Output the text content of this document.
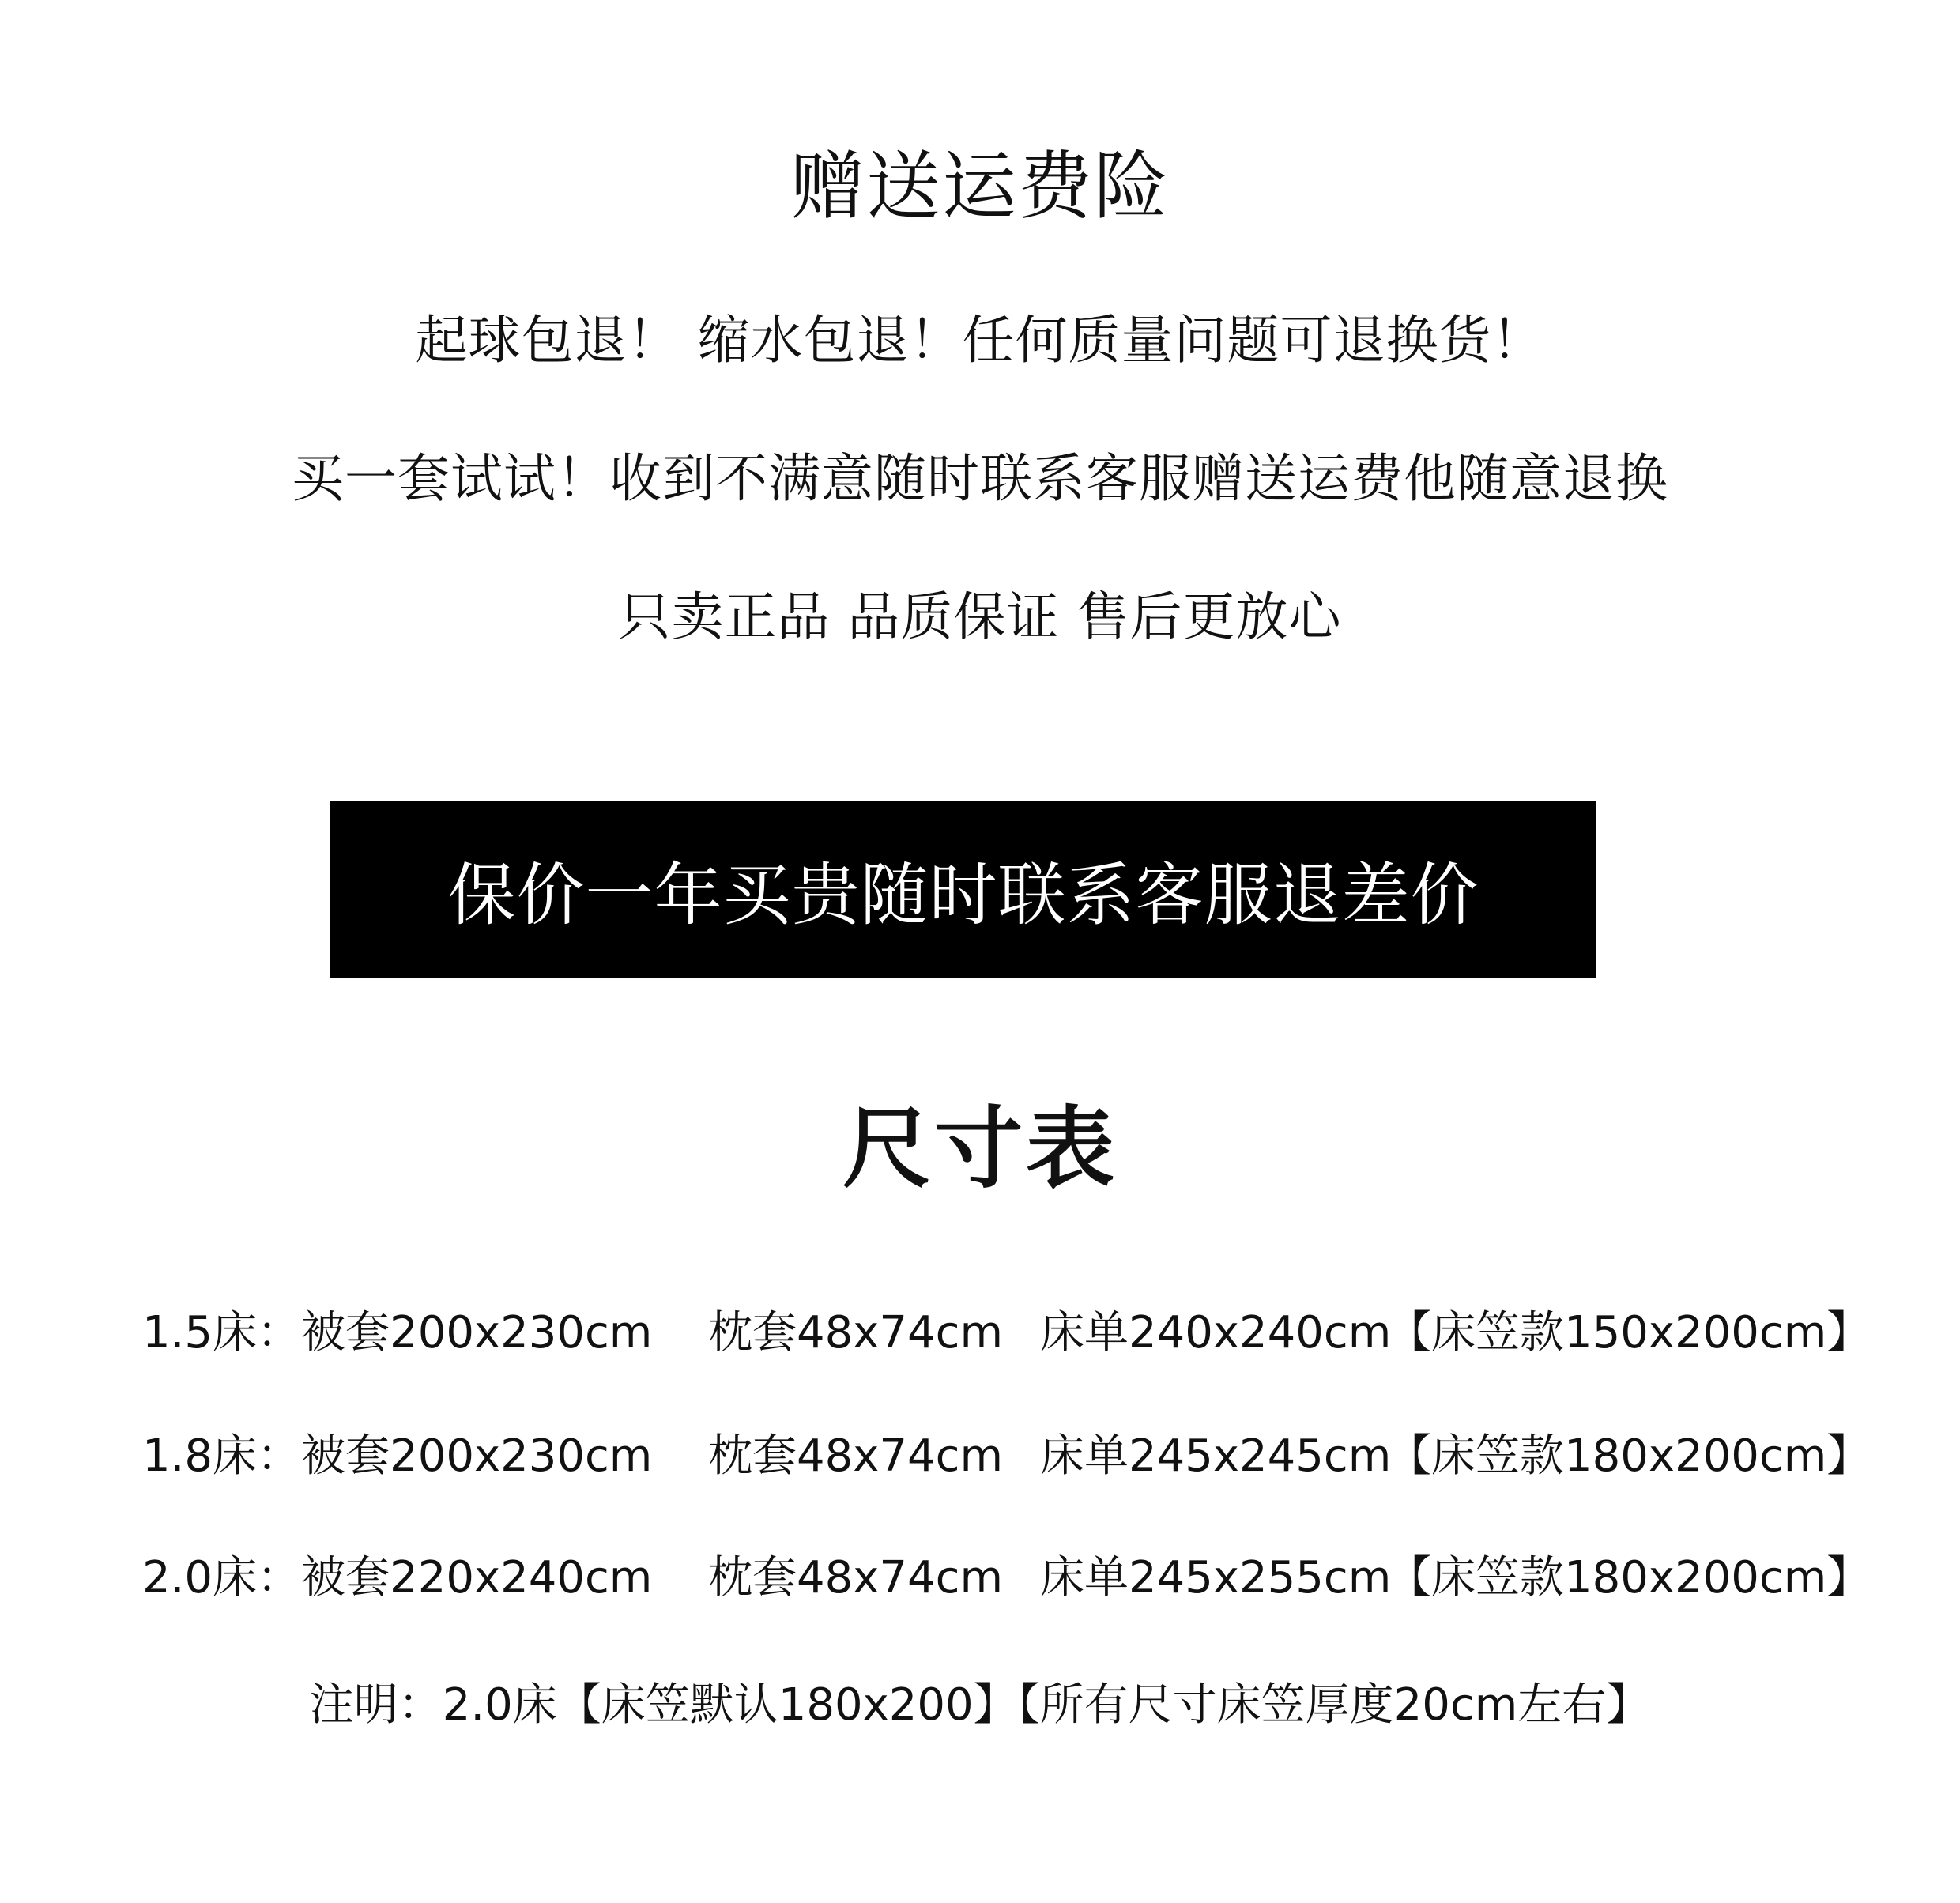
赠送运费险
起球包退！ 缩水包退！任何质量问题可退换货！
买一套试试！收到不满意随时联系客服赠送运费他随意退换
只卖正品 品质保证 售后更放心
保价一年买贵随时联系客服退差价
尺寸表
1.5床：被套200x230cm 枕套48x74cm 床单240x240cm
【床笠款150x200cm】
1.8床：被套200x230cm 枕套48x74cm 床单245x245cm
【床笠款180x200cm】
2.0床：被套220x240cm 枕套48x74cm 床单245x255cm
【床笠款180x200cm】
注明：2.0床【床笠默认180x200】【所有尺寸床笠厚度20cm左右】
